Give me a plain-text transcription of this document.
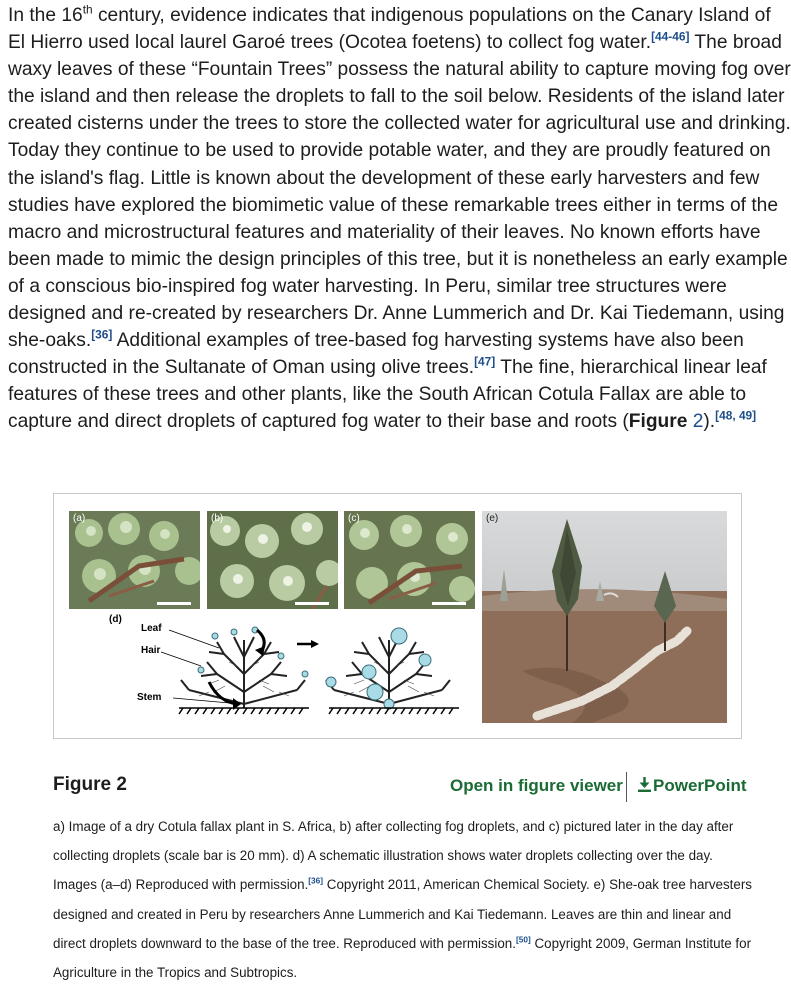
In the 16th century, evidence indicates that indigenous populations on the Canary Island of El Hierro used local laurel Garoé trees (Ocotea foetens) to collect fog water.[44-46] The broad waxy leaves of these “Fountain Trees” possess the natural ability to capture moving fog over the island and then release the droplets to fall to the soil below. Residents of the island later created cisterns under the trees to store the collected water for agricultural use and drinking. Today they continue to be used to provide potable water, and they are proudly featured on the island's flag. Little is known about the development of these early harvesters and few studies have explored the biomimetic value of these remarkable trees either in terms of the macro and microstructural features and materiality of their leaves. No known efforts have been made to mimic the design principles of this tree, but it is nonetheless an early example of a conscious bio-inspired fog water harvesting. In Peru, similar tree structures were designed and re-created by researchers Dr. Anne Lummerich and Dr. Kai Tiedemann, using she-oaks.[36] Additional examples of tree-based fog harvesting systems have also been constructed in the Sultanate of Oman using olive trees.[47] The fine, hierarchical linear leaf features of these trees and other plants, like the South African Cotula Fallax are able to capture and direct droplets of captured fog water to their base and roots (Figure 2).[48, 49]

(a)	(b)	(c)
(d)
Leaf
Hair
Stem
(e)
Figure 2	Open in figure viewer	PowerPoint

a) Image of a dry Cotula fallax plant in S. Africa, b) after collecting fog droplets, and c) pictured later in the day after collecting droplets (scale bar is 20 mm). d) A schematic illustration shows water droplets collecting over the day. Images (a–d) Reproduced with permission.[36] Copyright 2011, American Chemical Society. e) She-oak tree harvesters designed and created in Peru by researchers Anne Lummerich and Kai Tiedemann. Leaves are thin and linear and direct droplets downward to the base of the tree. Reproduced with permission.[50] Copyright 2009, German Institute for Agriculture in the Tropics and Subtropics.
